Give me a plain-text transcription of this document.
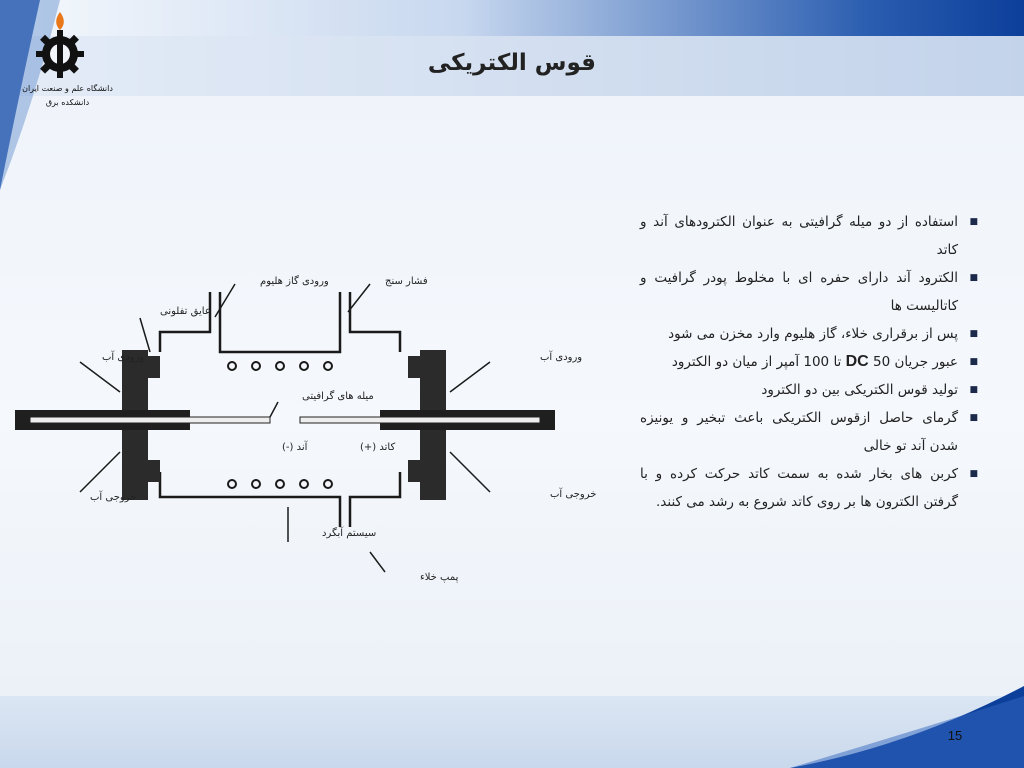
دانشگاه علم و صنعت ایران
دانشکده برق
قوس الکتریکی
ورودی گاز هلیوم	فشار سنج
عایق تفلونی
ورودی آب	ورودی آب
میله های گرافیتی
آند (-)	کاتد (+)
خروجی آب	خروجی آب
سیستم آبگرد
پمپ خلاء
■
استفاده از دو میله گرافیتی به عنوان الکترودهای آند و کاتد
■
الکترود آند دارای حفره ای با مخلوط پودر گرافیت و کاتالیست ها
■
پس از برقراری خلاء، گاز هلیوم وارد مخزن می شود
■
عبور جریان DC 50 تا 100 آمپر از میان دو الکترود
■
تولید قوس الکتریکی بین دو الکترود
■
گرمای حاصل ازقوس الکتریکی باعث تبخیر و یونیزه شدن آند تو خالی
■
کربن های بخار شده به سمت کاتد حرکت کرده و با گرفتن الکترون ها بر روی کاتد شروع به رشد می کنند.
15
